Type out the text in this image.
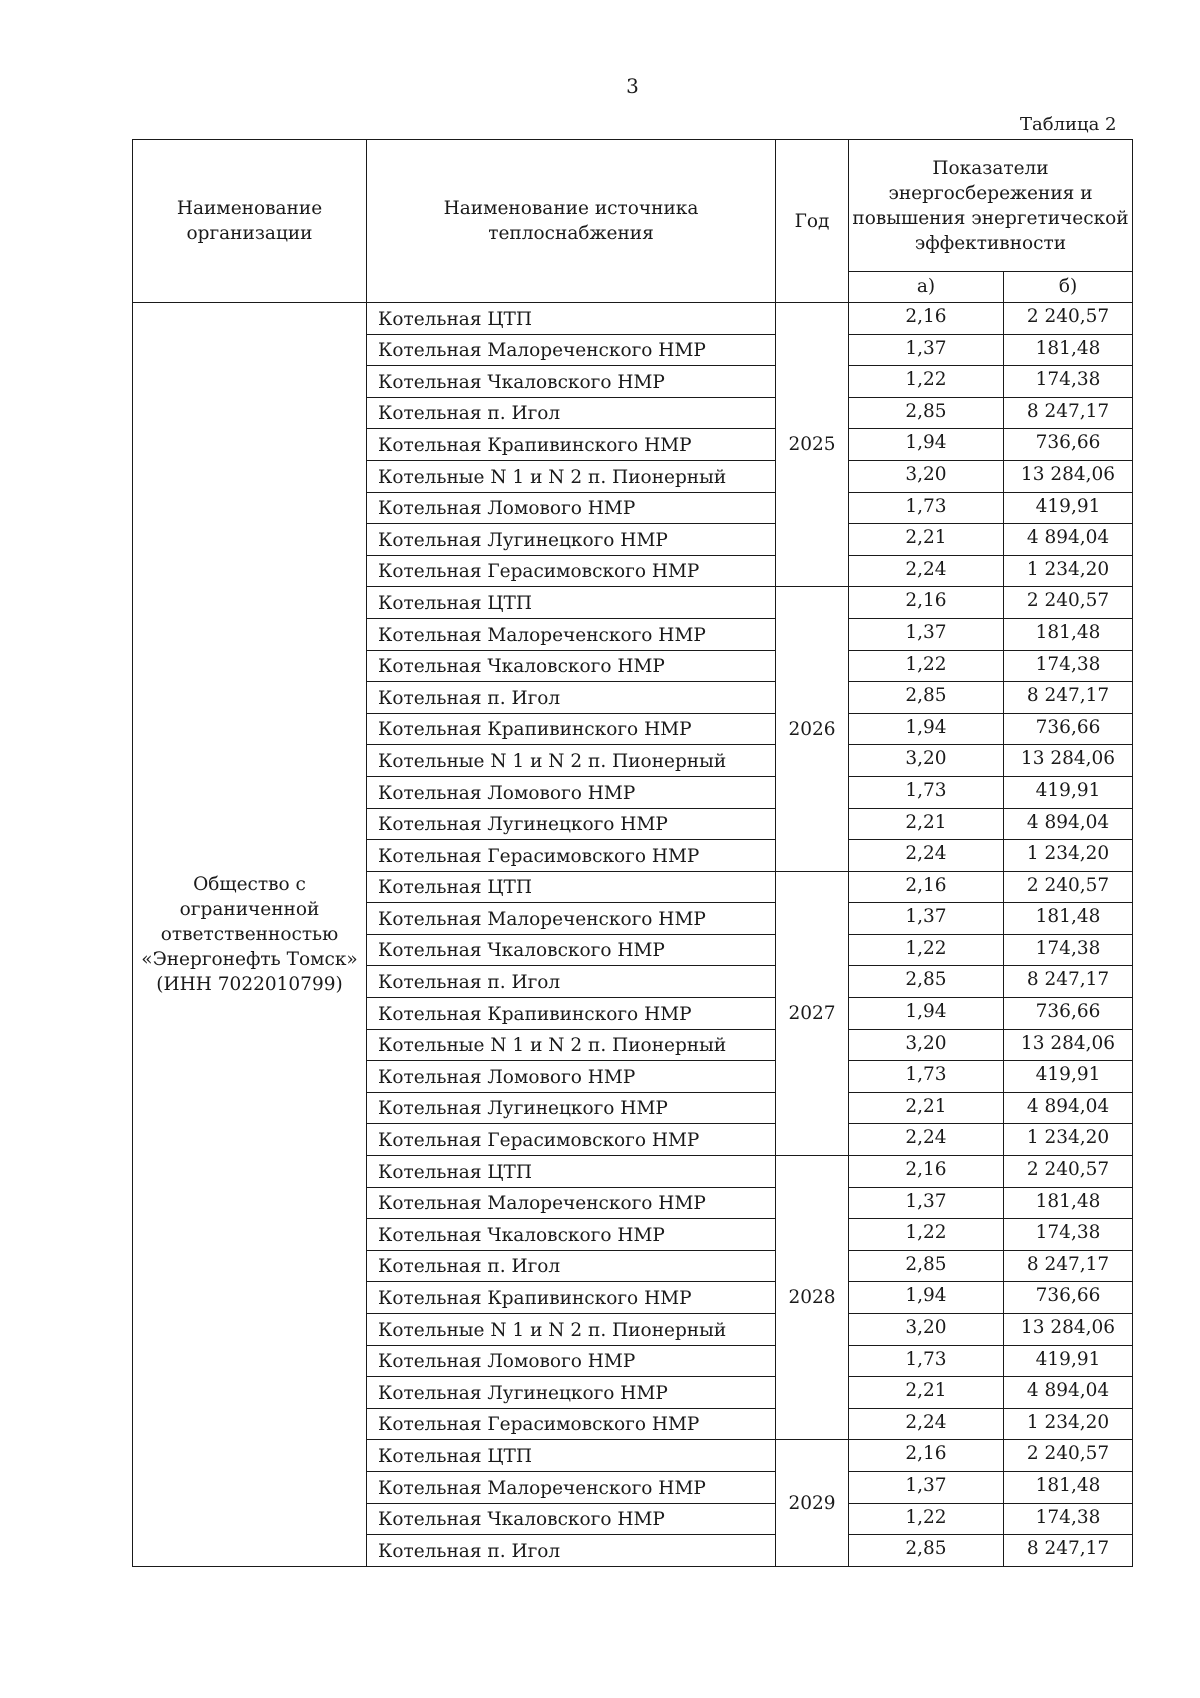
3
Таблица 2
Наименование организации	Наименование источника теплоснабжения	Год	Показатели энергосбережения и повышения энергетической эффективности	
			а)	б)
Общество с ограниченной ответственностью «Энергонефть Томск» (ИНН 7022010799)	Котельная ЦТП	2025	2,16	2 240,57
	Котельная Малореченского НМР		1,37	181,48
	Котельная Чкаловского НМР		1,22	174,38
	Котельная п. Игол		2,85	8 247,17
	Котельная Крапивинского НМР		1,94	736,66
	Котельные N 1 и N 2 п. Пионерный		3,20	13 284,06
	Котельная Ломового НМР		1,73	419,91
	Котельная Лугинецкого НМР		2,21	4 894,04
	Котельная Герасимовского НМР		2,24	1 234,20
	Котельная ЦТП	2026	2,16	2 240,57
	Котельная Малореченского НМР		1,37	181,48
	Котельная Чкаловского НМР		1,22	174,38
	Котельная п. Игол		2,85	8 247,17
	Котельная Крапивинского НМР		1,94	736,66
	Котельные N 1 и N 2 п. Пионерный		3,20	13 284,06
	Котельная Ломового НМР		1,73	419,91
	Котельная Лугинецкого НМР		2,21	4 894,04
	Котельная Герасимовского НМР		2,24	1 234,20
	Котельная ЦТП	2027	2,16	2 240,57
	Котельная Малореченского НМР		1,37	181,48
	Котельная Чкаловского НМР		1,22	174,38
	Котельная п. Игол		2,85	8 247,17
	Котельная Крапивинского НМР		1,94	736,66
	Котельные N 1 и N 2 п. Пионерный		3,20	13 284,06
	Котельная Ломового НМР		1,73	419,91
	Котельная Лугинецкого НМР		2,21	4 894,04
	Котельная Герасимовского НМР		2,24	1 234,20
	Котельная ЦТП	2028	2,16	2 240,57
	Котельная Малореченского НМР		1,37	181,48
	Котельная Чкаловского НМР		1,22	174,38
	Котельная п. Игол		2,85	8 247,17
	Котельная Крапивинского НМР		1,94	736,66
	Котельные N 1 и N 2 п. Пионерный		3,20	13 284,06
	Котельная Ломового НМР		1,73	419,91
	Котельная Лугинецкого НМР		2,21	4 894,04
	Котельная Герасимовского НМР		2,24	1 234,20
	Котельная ЦТП	2029	2,16	2 240,57
	Котельная Малореченского НМР		1,37	181,48
	Котельная Чкаловского НМР		1,22	174,38
	Котельная п. Игол		2,85	8 247,17
